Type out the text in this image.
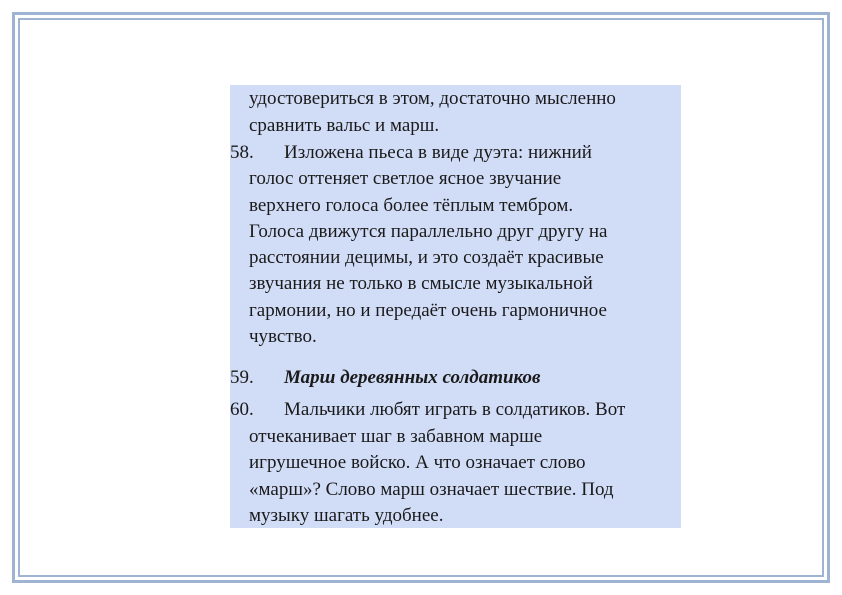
удостовериться в этом, достаточно мысленно
сравнить вальс и марш.
58. Изложена пьеса в виде дуэта: нижний
голос оттеняет светлое ясное звучание
верхнего голоса более тёплым тембром.
Голоса движутся параллельно друг другу на
расстоянии децимы, и это создаёт красивые
звучания не только в смысле музыкальной
гармонии, но и передаёт очень гармоничное
чувство.
59. Марш деревянных солдатиков
60. Мальчики любят играть в солдатиков. Вот
отчеканивает шаг в забавном марше
игрушечное войско. А что означает слово
«марш»? Слово марш означает шествие. Под
музыку шагать удобнее.
